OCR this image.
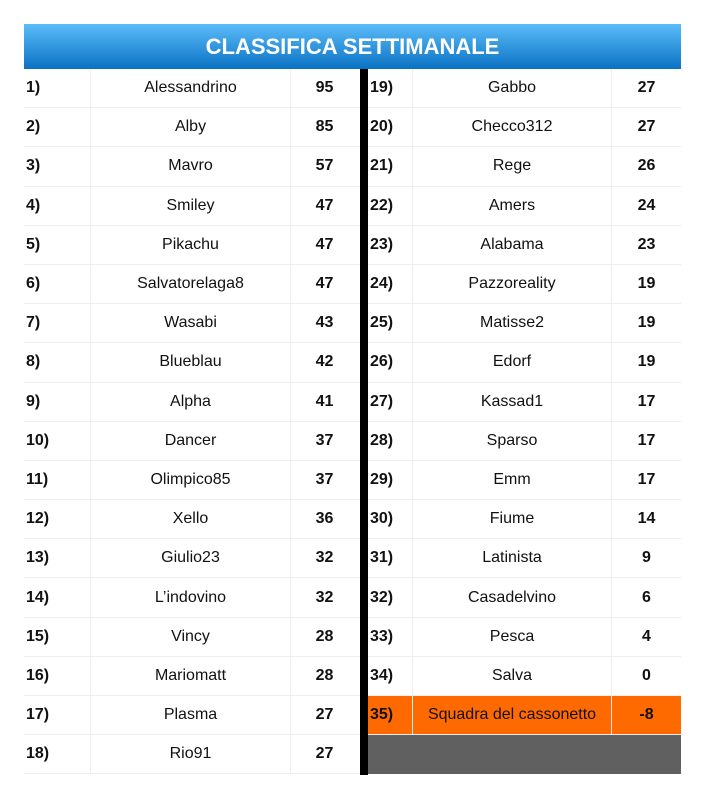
CLASSIFICA SETTIMANALE
1)	Alessandrino	95
2)	Alby	85
3)	Mavro	57
4)	Smiley	47
5)	Pikachu	47
6)	Salvatorelaga8	47
7)	Wasabi	43
8)	Blueblau	42
9)	Alpha	41
10)	Dancer	37
11)	Olimpico85	37
12)	Xello	36
13)	Giulio23	32
14)	L’indovino	32
15)	Vincy	28
16)	Mariomatt	28
17)	Plasma	27
18)	Rio91	27
19)	Gabbo	27
20)	Checco312	27
21)	Rege	26
22)	Amers	24
23)	Alabama	23
24)	Pazzoreality	19
25)	Matisse2	19
26)	Edorf	19
27)	Kassad1	17
28)	Sparso	17
29)	Emm	17
30)	Fiume	14
31)	Latinista	9
32)	Casadelvino	6
33)	Pesca	4
34)	Salva	0
35)	Squadra del cassonetto	-8
